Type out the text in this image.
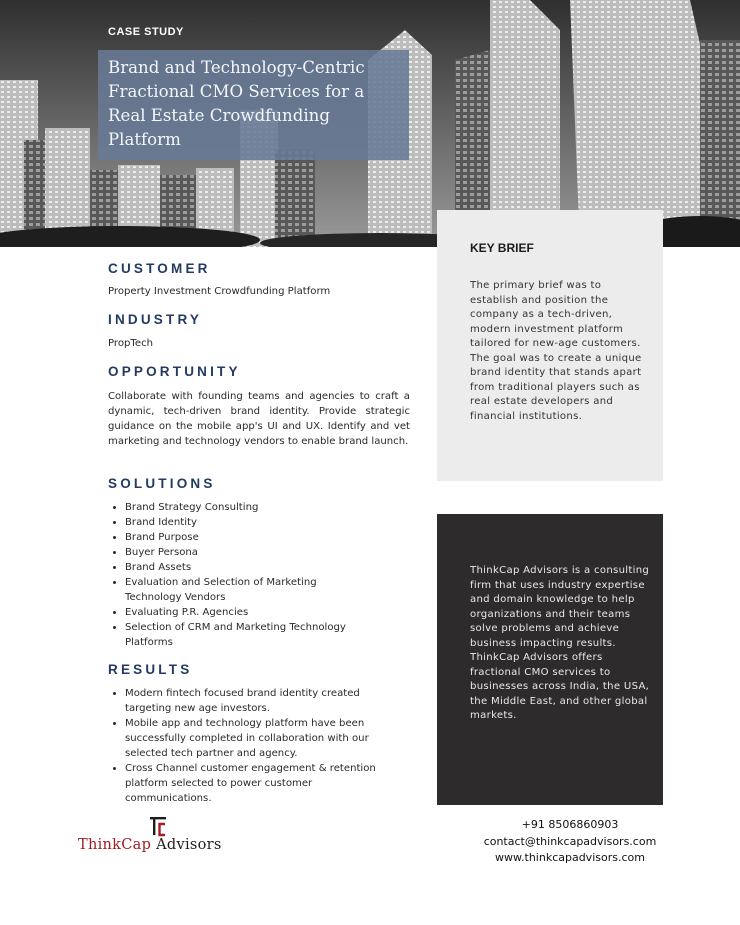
CASE STUDY
Brand and Technology-Centric Fractional CMO Services for a Real Estate Crowdfunding Platform
CUSTOMER
Property Investment Crowdfunding Platform
INDUSTRY
PropTech
OPPORTUNITY
Collaborate with founding teams and agencies to craft a dynamic, tech-driven brand identity. Provide strategic guidance on the mobile app's UI and UX. Identify and vet marketing and technology vendors to enable brand launch.
SOLUTIONS
• Brand Strategy Consulting
• Brand Identity
• Brand Purpose
• Buyer Persona
• Brand Assets
• Evaluation and Selection of Marketing Technology Vendors
• Evaluating P.R. Agencies
• Selection of CRM and Marketing Technology Platforms
RESULTS
• Modern fintech focused brand identity created targeting new age investors.
• Mobile app and technology platform have been successfully completed in collaboration with our selected tech partner and agency.
• Cross Channel customer engagement & retention platform selected to power customer communications.
KEY BRIEF
The primary brief was to establish and position the company as a tech-driven, modern investment platform tailored for new-age customers. The goal was to create a unique brand identity that stands apart from traditional players such as real estate developers and financial institutions.

ThinkCap Advisors is a consulting firm that uses industry expertise and domain knowledge to help organizations and their teams solve problems and achieve business impacting results.

ThinkCap Advisors offers fractional CMO services to businesses across India, the USA, the Middle East, and other global markets.

+91 8506860903
contact@thinkcapadvisors.com
www.thinkcapadvisors.com
ThinkCap Advisors
